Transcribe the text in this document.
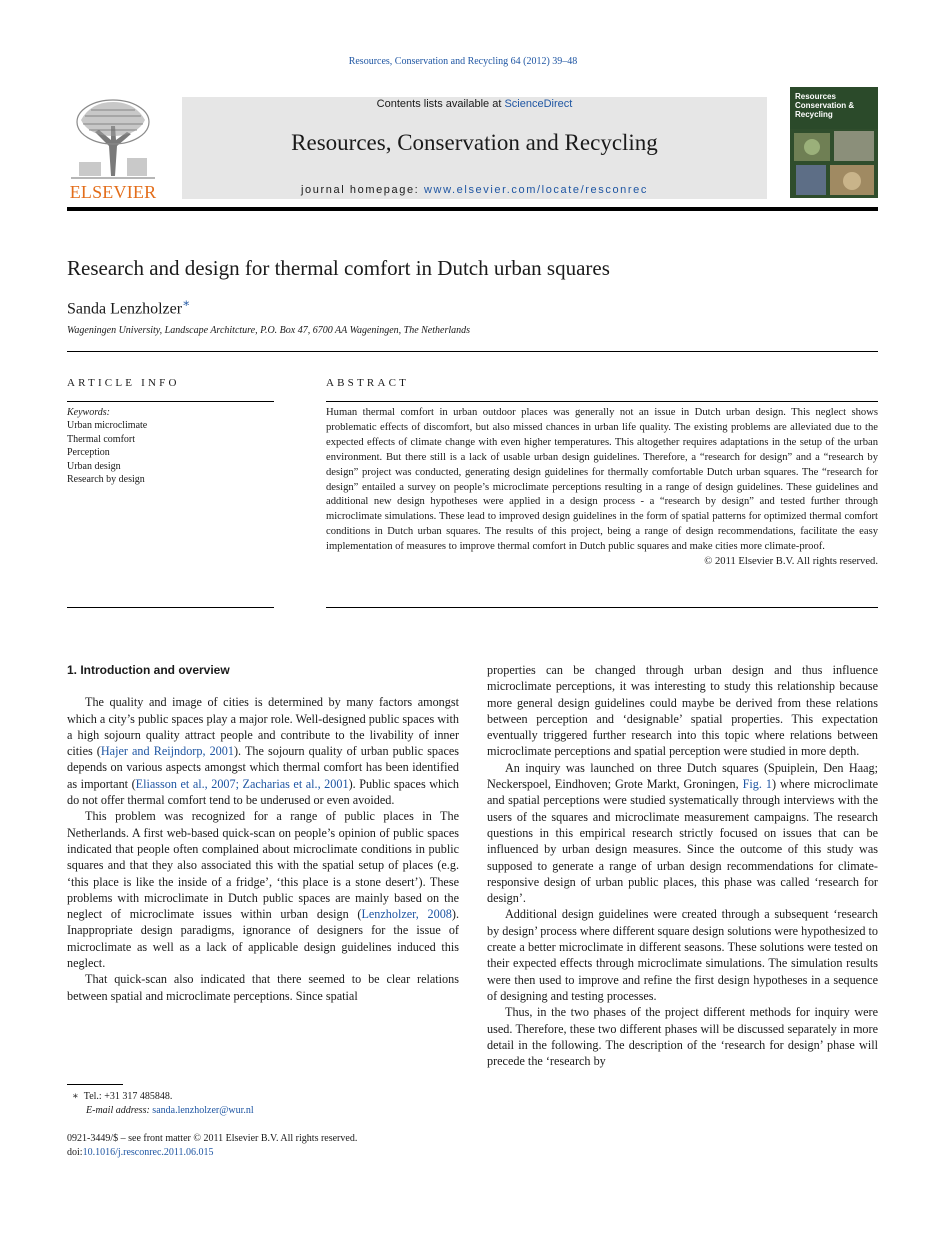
Resources, Conservation and Recycling 64 (2012) 39–48
ELSEVIER
Contents lists available at ScienceDirect
Resources, Conservation and Recycling
journal homepage: www.elsevier.com/locate/resconrec
Resources
Conservation &
Recycling
Research and design for thermal comfort in Dutch urban squares
Sanda Lenzholzer∗
Wageningen University, Landscape Architcture, P.O. Box 47, 6700 AA Wageningen, The Netherlands
ARTICLE INFO
Keywords:
Urban microclimate
Thermal comfort
Perception
Urban design
Research by design
ABSTRACT
Human thermal comfort in urban outdoor places was generally not an issue in Dutch urban design. This neglect shows problematic effects of discomfort, but also missed chances in urban life quality. The existing problems are alleviated due to the expected effects of climate change with even higher temperatures. This altogether requires adaptations in the setup of the urban environment. But there still is a lack of usable urban design guidelines. Therefore, a “research for design” and a “research by design” project was conducted, generating design guidelines for thermally comfortable Dutch urban squares. The “research for design” entailed a survey on people’s microclimate perceptions resulting in a range of design guidelines. These guidelines and additional new design hypotheses were applied in a design process - a “research by design” and tested further through microclimate simulations. These lead to improved design guidelines in the form of spatial patterns for optimized thermal comfort conditions in Dutch urban squares. The results of this project, being a range of design recommendations, facilitate the easy implementation of measures to improve thermal comfort in Dutch public squares and make cities more climate-proof.
© 2011 Elsevier B.V. All rights reserved.
1. Introduction and overview

The quality and image of cities is determined by many factors amongst which a city’s public spaces play a major role. Well-designed public spaces with a high sojourn quality attract people and contribute to the livability of inner cities (Hajer and Reijndorp, 2001). The sojourn quality of urban public spaces depends on various aspects amongst which thermal comfort has been identified as important (Eliasson et al., 2007; Zacharias et al., 2001). Public spaces which do not offer thermal comfort tend to be underused or even avoided.

This problem was recognized for a range of public places in The Netherlands. A first web-based quick-scan on people’s opinion of public spaces indicated that people often complained about microclimate conditions in public squares and that they also associated this with the spatial setup of places (e.g. ‘this place is like the inside of a fridge’, ‘this place is a stone desert’). These problems with microclimate in Dutch public spaces are mainly based on the neglect of microclimate issues within urban design (Lenzholzer, 2008). Inappropriate design paradigms, ignorance of designers for the issue of microclimate as well as a lack of applicable design guidelines induced this neglect.

That quick-scan also indicated that there seemed to be clear relations between spatial and microclimate perceptions. Since spatial

properties can be changed through urban design and thus influence microclimate perceptions, it was interesting to study this relationship because more general design guidelines could maybe be derived from these relations between perception and ‘designable’ spatial properties. This expectation eventually triggered further research into this topic where relations between microclimate perceptions and spatial perception were studied in more depth.

An inquiry was launched on three Dutch squares (Spuiplein, Den Haag; Neckerspoel, Eindhoven; Grote Markt, Groningen, Fig. 1) where microclimate and spatial perceptions were studied systematically through interviews with the users of the squares and microclimate measurement campaigns. The research questions in this empirical research strictly focused on issues that can be influenced by urban design measures. Since the outcome of this study was supposed to generate a range of urban design recommendations for climate-responsive design of urban public places, this phase was called ‘research for design’.

Additional design guidelines were created through a subsequent ‘research by design’ process where different square design solutions were hypothesized to create a better microclimate in different seasons. These solutions were tested on their expected effects through microclimate simulations. The simulation results were then used to improve and refine the first design hypotheses in a sequence of designing and testing processes.

Thus, in the two phases of the project different methods for inquiry were used. Therefore, these two different phases will be discussed separately in more detail in the following. The description of the ‘research for design’ phase will precede the ‘research by

∗ Tel.: +31 317 485848.
E-mail address: sanda.lenzholzer@wur.nl
0921-3449/$ – see front matter © 2011 Elsevier B.V. All rights reserved.
doi:10.1016/j.resconrec.2011.06.015
